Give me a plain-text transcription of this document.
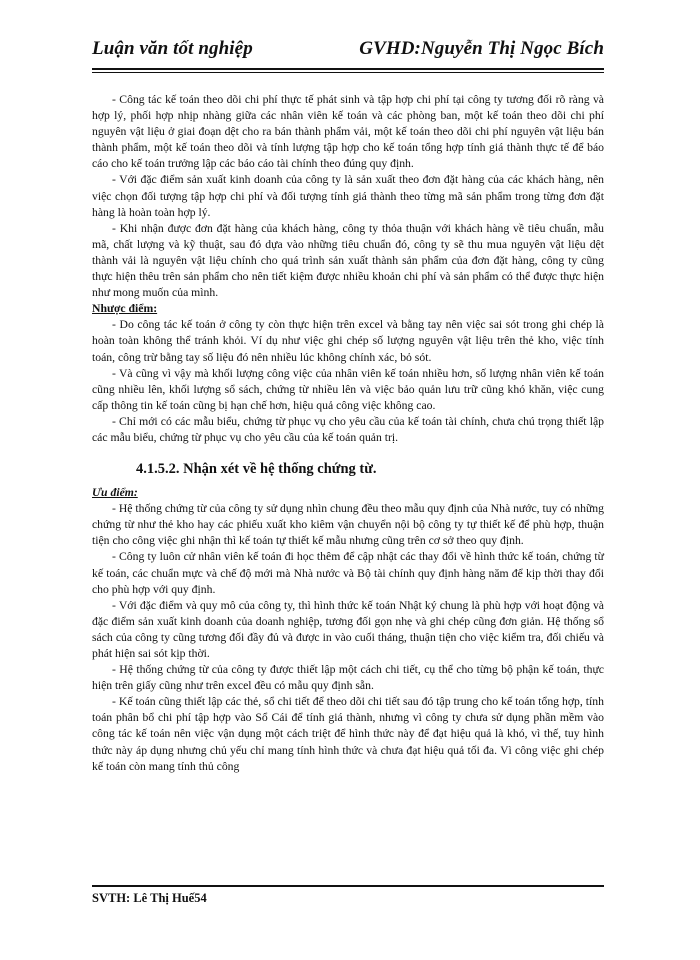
Luận văn tốt nghiệp	GVHD:Nguyễn Thị Ngọc Bích

- Công tác kế toán theo dõi chi phí thực tế phát sinh và tập hợp chi phí tại công ty tương đối rõ ràng và hợp lý, phối hợp nhịp nhàng giữa các nhân viên kế toán và các phòng ban, một kế toán theo dõi chi phí nguyên vật liệu ở giai đoạn dệt cho ra bán thành phẩm vải, một kế toán theo dõi chi phí nguyên vật liệu bán thành phẩm, một kế toán theo dõi và tính lượng tập hợp cho kế toán tổng hợp tính giá thành thực tế để báo cáo cho kế toán trưởng lập các báo cáo tài chính theo đúng quy định.

- Với đặc điểm sản xuất kinh doanh của công ty là sản xuất theo đơn đặt hàng của các khách hàng, nên việc chọn đối tượng tập hợp chi phí và đối tượng tính giá thành theo từng mã sản phẩm trong từng đơn đặt hàng là hoàn toàn hợp lý.

- Khi nhận được đơn đặt hàng của khách hàng, công ty thỏa thuận với khách hàng về tiêu chuẩn, mẫu mã, chất lượng và kỹ thuật, sau đó dựa vào những tiêu chuẩn đó, công ty sẽ thu mua nguyên vật liệu dệt thành vải là nguyên vật liệu chính cho quá trình sản xuất thành sản phẩm của đơn đặt hàng, công ty cũng thực hiện thêu trên sản phẩm cho nên tiết kiệm được nhiều khoản chi phí và sản phẩm có thể được thực hiện như mong muốn của mình.

Nhược điểm:

- Do công tác kế toán ở công ty còn thực hiện trên excel và bằng tay nên việc sai sót trong ghi chép là hoàn toàn không thể tránh khỏi. Ví dụ như việc ghi chép số lượng nguyên vật liệu trên thẻ kho, việc tính toán, công trừ bằng tay số liệu đó nên nhiều lúc không chính xác, bỏ sót.

- Và cũng vì vậy mà khối lượng công việc của nhân viên kế toán nhiều hơn, số lượng nhân viên kế toán cũng nhiều lên, khối lượng sổ sách, chứng từ nhiều lên và việc bảo quản lưu trữ cũng khó khăn, việc cung cấp thông tin kế toán cũng bị hạn chế hơn, hiệu quả công việc không cao.

- Chỉ mới có các mẫu biểu, chứng từ phục vụ cho yêu cầu của kế toán tài chính, chưa chú trọng thiết lập các mẫu biểu, chứng từ phục vụ cho yêu cầu của kế toán quản trị.

4.1.5.2. Nhận xét về hệ thống chứng từ.

Ưu điểm:

- Hệ thống chứng từ của công ty sử dụng nhìn chung đều theo mẫu quy định của Nhà nước, tuy có những chứng từ như thẻ kho hay các phiếu xuất kho kiêm vận chuyển nội bộ công ty tự thiết kế để phù hợp, thuận tiện cho công việc ghi nhận thì kế toán tự thiết kế mẫu nhưng cũng trên cơ sở theo quy định.

- Công ty luôn cử nhân viên kế toán đi học thêm để cập nhật các thay đổi về hình thức kế toán, chứng từ kế toán, các chuẩn mực và chế độ mới mà Nhà nước và Bộ tài chính quy định hàng năm để kịp thời thay đổi cho phù hợp với quy định.

- Với đặc điểm và quy mô của công ty, thì hình thức kế toán Nhật ký chung là phù hợp với hoạt động và đặc điểm sản xuất kinh doanh của doanh nghiệp, tương đối gọn nhẹ và ghi chép cũng đơn giản. Hệ thống sổ sách của công ty cũng tương đối đầy đủ và được in vào cuối tháng, thuận tiện cho việc kiểm tra, đối chiếu và phát hiện sai sót kịp thời.

- Hệ thống chứng từ của công ty được thiết lập một cách chi tiết, cụ thể cho từng bộ phận kế toán, thực hiện trên giấy cũng như trên excel đều có mẫu quy định sẵn.

- Kế toán cũng thiết lập các thẻ, sổ chi tiết để theo dõi chi tiết sau đó tập trung cho kế toán tổng hợp, tính toán phân bổ chi phí tập hợp vào Sổ Cái để tính giá thành, nhưng vì công ty chưa sử dụng phần mềm vào công tác kế toán nên việc vận dụng một cách triệt để hình thức này để đạt hiệu quả là khó, vì thế, tuy hình thức này áp dụng nhưng chủ yếu chỉ mang tính hình thức và chưa đạt hiệu quả tối đa. Vì công việc ghi chép kế toán còn mang tính thủ công

SVTH: Lê Thị Huế54
